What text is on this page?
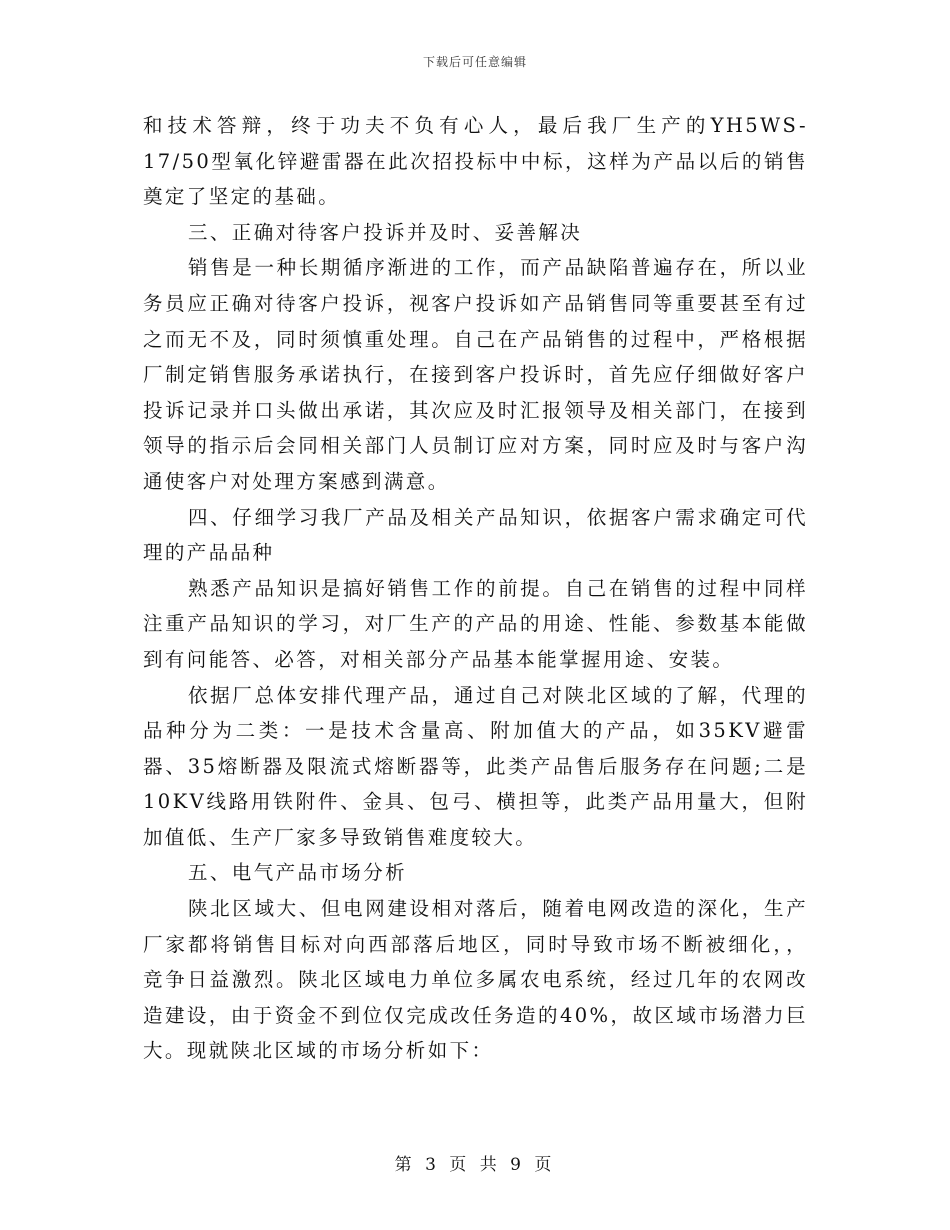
下载后可任意编辑

和技术答辩，终于功夫不负有心人，最后我厂生产的YH5WS-17/50型氧化锌避雷器在此次招投标中中标，这样为产品以后的销售奠定了坚定的基础。

三、正确对待客户投诉并及时、妥善解决

销售是一种长期循序渐进的工作，而产品缺陷普遍存在，所以业务员应正确对待客户投诉，视客户投诉如产品销售同等重要甚至有过之而无不及，同时须慎重处理。自己在产品销售的过程中，严格根据厂制定销售服务承诺执行，在接到客户投诉时，首先应仔细做好客户投诉记录并口头做出承诺，其次应及时汇报领导及相关部门，在接到领导的指示后会同相关部门人员制订应对方案，同时应及时与客户沟通使客户对处理方案感到满意。

四、仔细学习我厂产品及相关产品知识，依据客户需求确定可代理的产品品种

熟悉产品知识是搞好销售工作的前提。自己在销售的过程中同样注重产品知识的学习，对厂生产的产品的用途、性能、参数基本能做到有问能答、必答，对相关部分产品基本能掌握用途、安装。

依据厂总体安排代理产品，通过自己对陕北区域的了解，代理的品种分为二类：一是技术含量高、附加值大的产品，如35KV避雷器、35熔断器及限流式熔断器等，此类产品售后服务存在问题;二是10KV线路用铁附件、金具、包弓、横担等，此类产品用量大，但附加值低、生产厂家多导致销售难度较大。

五、电气产品市场分析

陕北区域大、但电网建设相对落后，随着电网改造的深化，生产厂家都将销售目标对向西部落后地区，同时导致市场不断被细化，，竞争日益激烈。陕北区域电力单位多属农电系统，经过几年的农网改造建设，由于资金不到位仅完成改任务造的40%，故区域市场潜力巨大。现就陕北区域的市场分析如下：

第 3 页 共 9 页
